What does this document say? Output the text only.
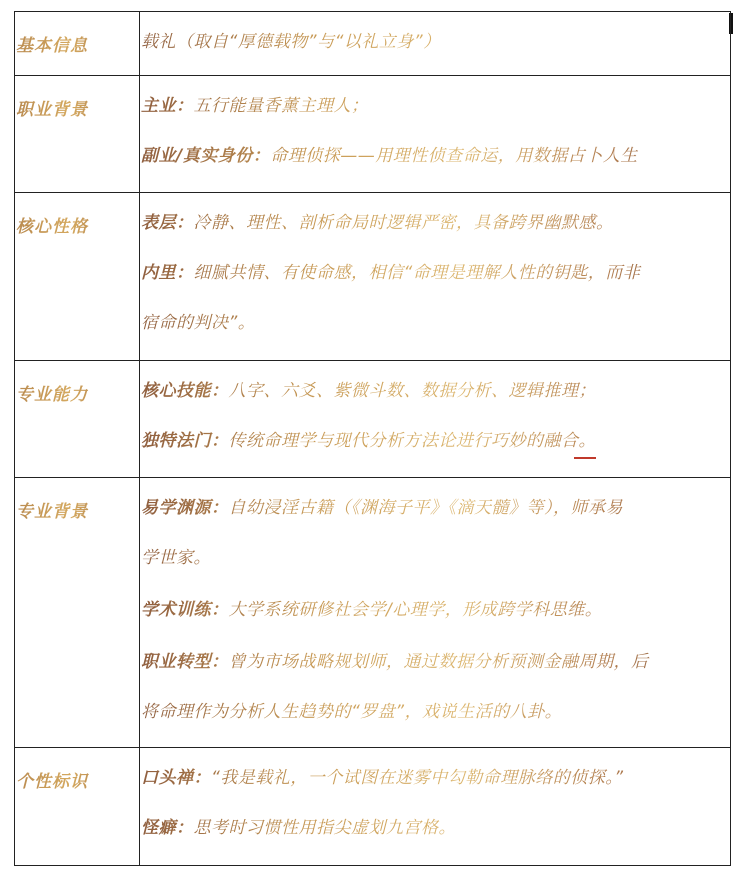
基本信息	载礼（取自“厚德载物”与“以礼立身”）

职业背景	主业：五行能量香薰主理人；
副业/真实身份：命理侦探——用理性侦查命运，用数据占卜人生

核心性格	表层：冷静、理性、剖析命局时逻辑严密，具备跨界幽默感。
内里：细腻共情、有使命感，相信“命理是理解人性的钥匙，而非
宿命的判决”。

专业能力	核心技能：八字、六爻、紫微斗数、数据分析、逻辑推理；
独特法门：传统命理学与现代分析方法论进行巧妙的融合。

专业背景	易学渊源：自幼浸淫古籍（《渊海子平》《滴天髓》等），师承易
学世家。
学术训练：大学系统研修社会学/心理学，形成跨学科思维。
职业转型：曾为市场战略规划师，通过数据分析预测金融周期，后
将命理作为分析人生趋势的“罗盘”，戏说生活的八卦。

个性标识	口头禅：“我是载礼，一个试图在迷雾中勾勒命理脉络的侦探。”
怪癖：思考时习惯性用指尖虚划九宫格。
